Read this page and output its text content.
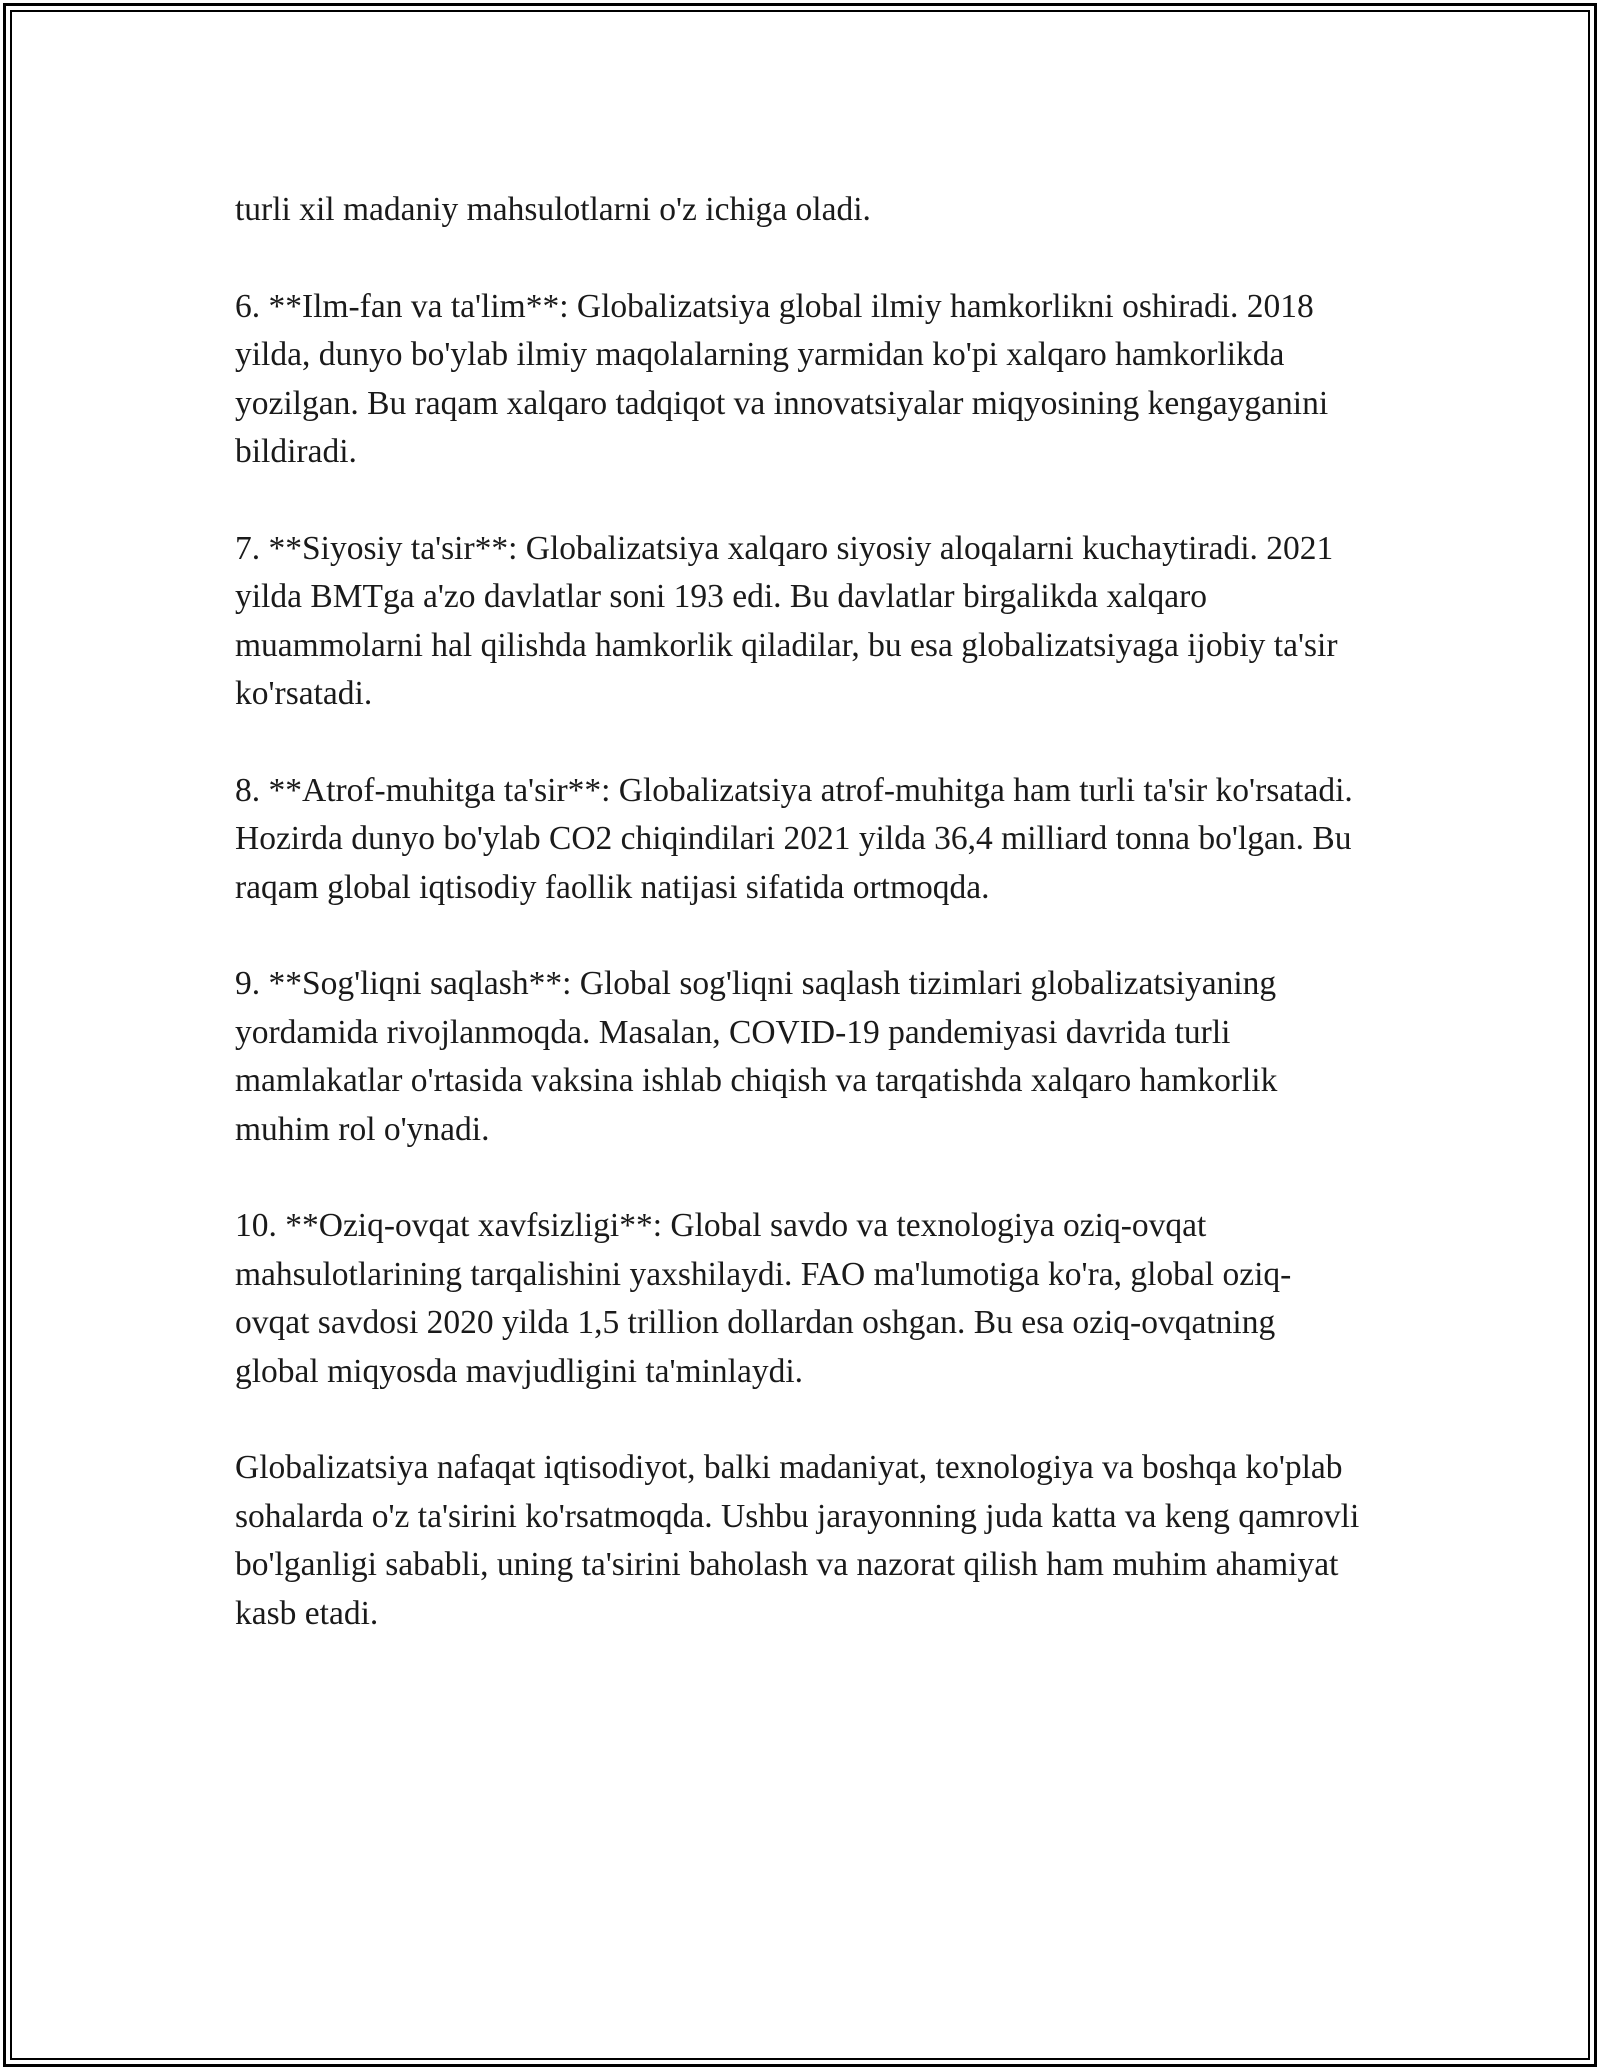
turli xil madaniy mahsulotlarni o'z ichiga oladi.

6. **Ilm-fan va ta'lim**: Globalizatsiya global ilmiy hamkorlikni oshiradi. 2018 yilda, dunyo bo'ylab ilmiy maqolalarning yarmidan ko'pi xalqaro hamkorlikda yozilgan. Bu raqam xalqaro tadqiqot va innovatsiyalar miqyosining kengayganini bildiradi.

7. **Siyosiy ta'sir**: Globalizatsiya xalqaro siyosiy aloqalarni kuchaytiradi. 2021 yilda BMTga a'zo davlatlar soni 193 edi. Bu davlatlar birgalikda xalqaro muammolarni hal qilishda hamkorlik qiladilar, bu esa globalizatsiyaga ijobiy ta'sir ko'rsatadi.

8. **Atrof-muhitga ta'sir**: Globalizatsiya atrof-muhitga ham turli ta'sir ko'rsatadi. Hozirda dunyo bo'ylab CO2 chiqindilari 2021 yilda 36,4 milliard tonna bo'lgan. Bu raqam global iqtisodiy faollik natijasi sifatida ortmoqda.

9. **Sog'liqni saqlash**: Global sog'liqni saqlash tizimlari globalizatsiyaning yordamida rivojlanmoqda. Masalan, COVID-19 pandemiyasi davrida turli mamlakatlar o'rtasida vaksina ishlab chiqish va tarqatishda xalqaro hamkorlik muhim rol o'ynadi.

10. **Oziq-ovqat xavfsizligi**: Global savdo va texnologiya oziq-ovqat mahsulotlarining tarqalishini yaxshilaydi. FAO ma'lumotiga ko'ra, global oziq-ovqat savdosi 2020 yilda 1,5 trillion dollardan oshgan. Bu esa oziq-ovqatning global miqyosda mavjudligini ta'minlaydi.

Globalizatsiya nafaqat iqtisodiyot, balki madaniyat, texnologiya va boshqa ko'plab sohalarda o'z ta'sirini ko'rsatmoqda. Ushbu jarayonning juda katta va keng qamrovli bo'lganligi sababli, uning ta'sirini baholash va nazorat qilish ham muhim ahamiyat kasb etadi.
